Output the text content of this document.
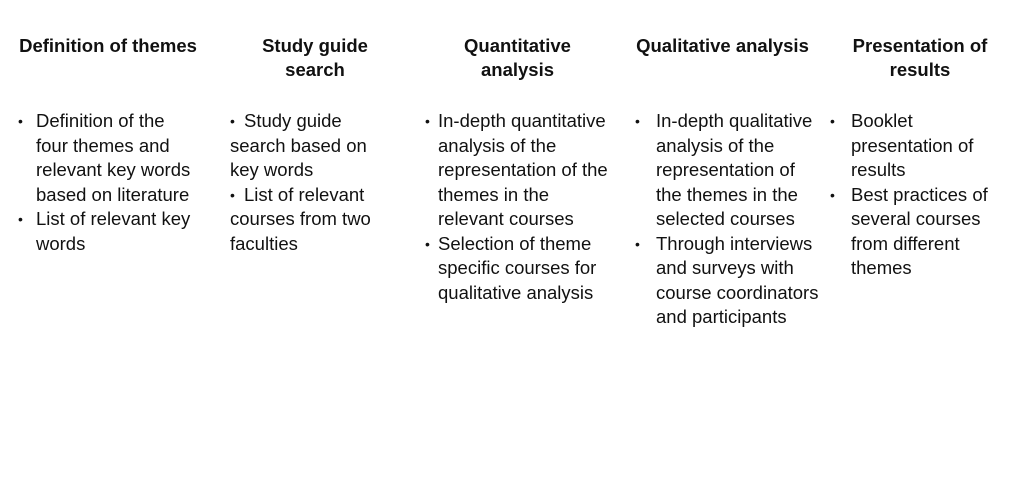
Definition of themes
• Definition of the four themes and relevant key words based on literature
• List of relevant key words
Study guide search
• Study guide search based on key words
• List of relevant courses from two faculties
Quantitative analysis
• In-depth quantitative analysis of the representation of the themes in the relevant courses
• Selection of theme specific courses for qualitative analysis
Qualitative analysis
• In-depth qualitative analysis of the representation of the themes in the selected courses
• Through interviews and surveys with course coordinators and participants
Presentation of results
• Booklet presentation of results
• Best practices of several courses from different themes
